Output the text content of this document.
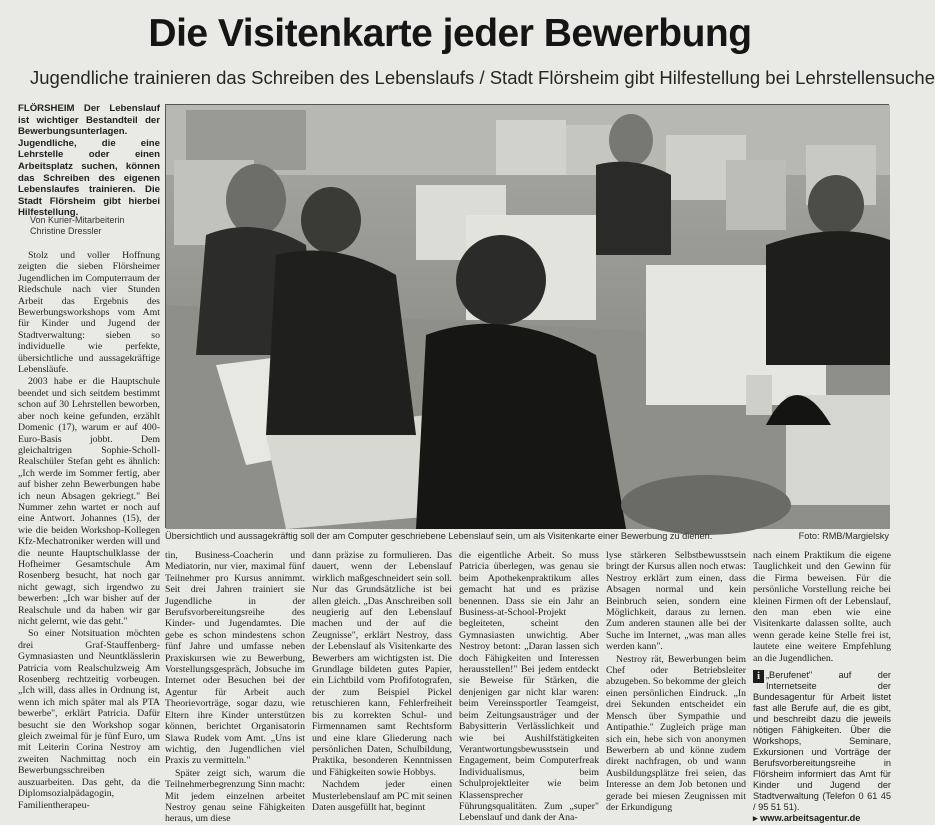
Die Visitenkarte jeder Bewerbung
Jugendliche trainieren das Schreiben des Lebenslaufs / Stadt Flörsheim gibt Hilfestellung bei Lehrstellensuche
FLÖRSHEIM Der Lebenslauf ist wichtiger Bestandteil der Bewerbungsunterlagen. Jugendliche, die eine Lehrstelle oder einen Arbeitsplatz suchen, können das Schreiben des eigenen Lebenslaufes trainieren. Die Stadt Flörsheim gibt hierbei Hilfestellung.
Von Kurier-Mitarbeiterin
Christine Dressler
Übersichtlich und aussagekräftig soll der am Computer geschriebene Lebenslauf sein, um als Visitenkarte einer Bewerbung zu dienen.	Foto: RMB/Margielsky

Stolz und voller Hoffnung zeigten die sieben Flörsheimer Jugendlichen im Computerraum der Riedschule nach vier Stunden Arbeit das Ergebnis des Bewerbungsworkshops vom Amt für Kinder und Jugend der Stadtverwaltung: sieben so individuelle wie perfekte, übersichtliche und aussagekräftige Lebensläufe.

2003 habe er die Hauptschule beendet und sich seitdem bestimmt schon auf 30 Lehrstellen beworben, aber noch keine gefunden, erzählt Domenic (17), warum er auf 400-Euro-Basis jobbt. Dem gleichaltrigen Sophie-Scholl-Realschüler Stefan geht es ähnlich: „Ich werde im Sommer fertig, aber auf bisher zehn Bewerbungen habe ich neun Absagen gekriegt." Bei Nummer zehn wartet er noch auf eine Antwort. Johannes (15), der wie die beiden Workshop-Kollegen Kfz-Mechatroniker werden will und die neunte Hauptschulklasse der Hofheimer Gesamtschule Am Rosenberg besucht, hat noch gar nicht gewagt, sich irgendwo zu bewerben: „Ich war bisher auf der Realschule und da haben wir gar nicht gelernt, wie das geht."

So einer Notsituation möchten drei Graf-Stauffenberg-Gymnasiasten und Neuntklässlerin Patricia vom Realschulzweig Am Rosenberg rechtzeitig vorbeugen. „Ich will, dass alles in Ordnung ist, wenn ich mich später mal als PTA bewerbe", erklärt Patricia. Dafür besucht sie den Workshop sogar gleich zweimal für je fünf Euro, um mit Leiterin Corina Nestroy am zweiten Nachmittag noch ein Bewerbungsschreiben auszuarbeiten. Das geht, da die Diplomsozialpädagogin, Familientherapeu-

tin, Business-Coacherin und Mediatorin, nur vier, maximal fünf Teilnehmer pro Kursus annimmt. Seit drei Jahren trainiert sie Jugendliche in der Berufsvorbereitungsreihe des Kinder- und Jugendamtes. Die gebe es schon mindestens schon fünf Jahre und umfasse neben Praxiskursen wie zu Bewerbung, Vorstellungsgespräch, Jobsuche im Internet oder Besuchen bei der Agentur für Arbeit auch Theorievorträge, sogar dazu, wie Eltern ihre Kinder unterstützen können, berichtet Organisatorin Slawa Rudek vom Amt. „Uns ist wichtig, den Jugendlichen viel Praxis zu vermitteln."

Später zeigt sich, warum die Teilnehmerbegrenzung Sinn macht: Mit jedem einzelnen arbeitet Nestroy genau seine Fähigkeiten heraus, um diese

dann präzise zu formulieren. Das dauert, wenn der Lebenslauf wirklich maßgeschneidert sein soll. Nur das Grundsätzliche ist bei allen gleich. „Das Anschreiben soll neugierig auf den Lebenslauf machen und der auf die Zeugnisse", erklärt Nestroy, dass der Lebenslauf als Visitenkarte des Bewerbers am wichtigsten ist. Die Grundlage bildeten gutes Papier, ein Lichtbild vom Profifotografen, der zum Beispiel Pickel retuschieren kann, Fehlerfreiheit bis zu korrekten Schul- und Firmennamen samt Rechtsform und eine klare Gliederung nach persönlichen Daten, Schulbildung, Praktika, besonderen Kenntnissen und Fähigkeiten sowie Hobbys.

Nachdem jeder einen Musterlebenslauf am PC mit seinen Daten ausgefüllt hat, beginnt

die eigentliche Arbeit. So muss Patricia überlegen, was genau sie beim Apothekenpraktikum alles gemacht hat und es präzise benennen. Dass sie ein Jahr an Business-at-School-Projekt begleiteten, scheint den Gymnasiasten unwichtig. Aber Nestroy betont: „Daran lassen sich doch Fähigkeiten und Interessen herausstellen!" Bei jedem entdeckt sie Beweise für Stärken, die denjenigen gar nicht klar waren: beim Vereinssportler Teamgeist, beim Zeitungsausträger und der Babysitterin Verlässlichkeit und wie bei Aushilfstätigkeiten Verantwortungsbewusstsein und Engagement, beim Computerfreak Individualismus, beim Schulprojektleiter wie beim Klassensprecher Führungsqualitäten. Zum „super" Lebenslauf und dank der Ana-

lyse stärkeren Selbstbewusstsein bringt der Kursus allen noch etwas: Nestroy erklärt zum einen, dass Absagen normal und kein Beinbruch seien, sondern eine Möglichkeit, daraus zu lernen. Zum anderen staunen alle bei der Suche im Internet, „was man alles werden kann".

Nestroy rät, Bewerbungen beim Chef oder Betriebsleiter abzugeben. So bekomme der gleich einen persönlichen Eindruck. „In drei Sekunden entscheidet ein Mensch über Sympathie und Antipathie." Zugleich präge man sich ein, hebe sich von anonymen Bewerbern ab und könne zudem direkt nachfragen, ob und wann Ausbildungsplätze frei seien, das Interesse an dem Job betonen und gerade bei miesen Zeugnissen mit der Erkundigung

nach einem Praktikum die eigene Tauglichkeit und den Gewinn für die Firma beweisen. Für die persönliche Vorstellung reiche bei kleinen Firmen oft der Lebenslauf, den man eben wie eine Visitenkarte dalassen sollte, auch wenn gerade keine Stelle frei ist, lautete eine weitere Empfehlung an die Jugendlichen.

i „Berufenet" auf der Internetseite der Bundesagentur für Arbeit listet fast alle Berufe auf, die es gibt, und beschreibt dazu die jeweils nötigen Fähigkeiten. Über die Workshops, Seminare, Exkursionen und Vorträge der Berufsvorbereitungsreihe in Flörsheim informiert das Amt für Kinder und Jugend der Stadtverwaltung (Telefon 0 61 45 / 95 51 51).
▸ www.arbeitsagentur.de
